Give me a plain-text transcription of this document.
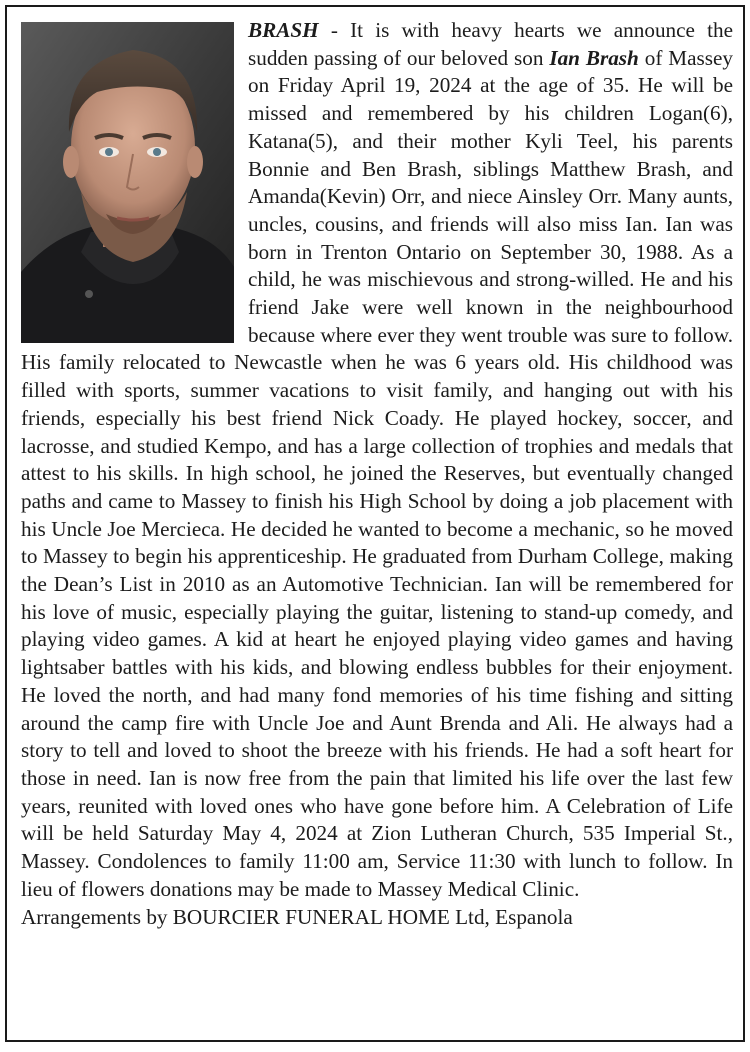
BRASH - It is with heavy hearts we announce the sudden passing of our beloved son Ian Brash of Massey on Friday April 19, 2024 at the age of 35. He will be missed and remembered by his children Logan(6), Katana(5), and their mother Kyli Teel, his parents Bonnie and Ben Brash, siblings Matthew Brash, and Amanda(Kevin) Orr, and niece Ainsley Orr. Many aunts, uncles, cousins, and friends will also miss Ian. Ian was born in Trenton Ontario on September 30, 1988. As a child, he was mischievous and strong-willed. He and his friend Jake were well known in the neighbourhood because where ever they went trouble was sure to follow. His family relocated to Newcastle when he was 6 years old. His childhood was filled with sports, summer vacations to visit family, and hanging out with his friends, especially his best friend Nick Coady. He played hockey, soccer, and lacrosse, and studied Kempo, and has a large collection of trophies and medals that attest to his skills. In high school, he joined the Reserves, but eventually changed paths and came to Massey to finish his High School by doing a job placement with his Uncle Joe Mercieca. He decided he wanted to become a mechanic, so he moved to Massey to begin his apprenticeship. He graduated from Durham College, making the Dean’s List in 2010 as an Automotive Technician. Ian will be remembered for his love of music, especially playing the guitar, listening to stand-up comedy, and playing video games. A kid at heart he enjoyed playing video games and having lightsaber battles with his kids, and blowing endless bubbles for their enjoyment. He loved the north, and had many fond memories of his time fishing and sitting around the camp fire with Uncle Joe and Aunt Brenda and Ali. He always had a story to tell and loved to shoot the breeze with his friends. He had a soft heart for those in need. Ian is now free from the pain that limited his life over the last few years, reunited with loved ones who have gone before him. A Celebration of Life will be held Saturday May 4, 2024 at Zion Lutheran Church, 535 Imperial St., Massey. Condolences to family 11:00 am, Service 11:30 with lunch to follow. In lieu of flowers donations may be made to Massey Medical Clinic.
Arrangements by BOURCIER FUNERAL HOME Ltd, Espanola
